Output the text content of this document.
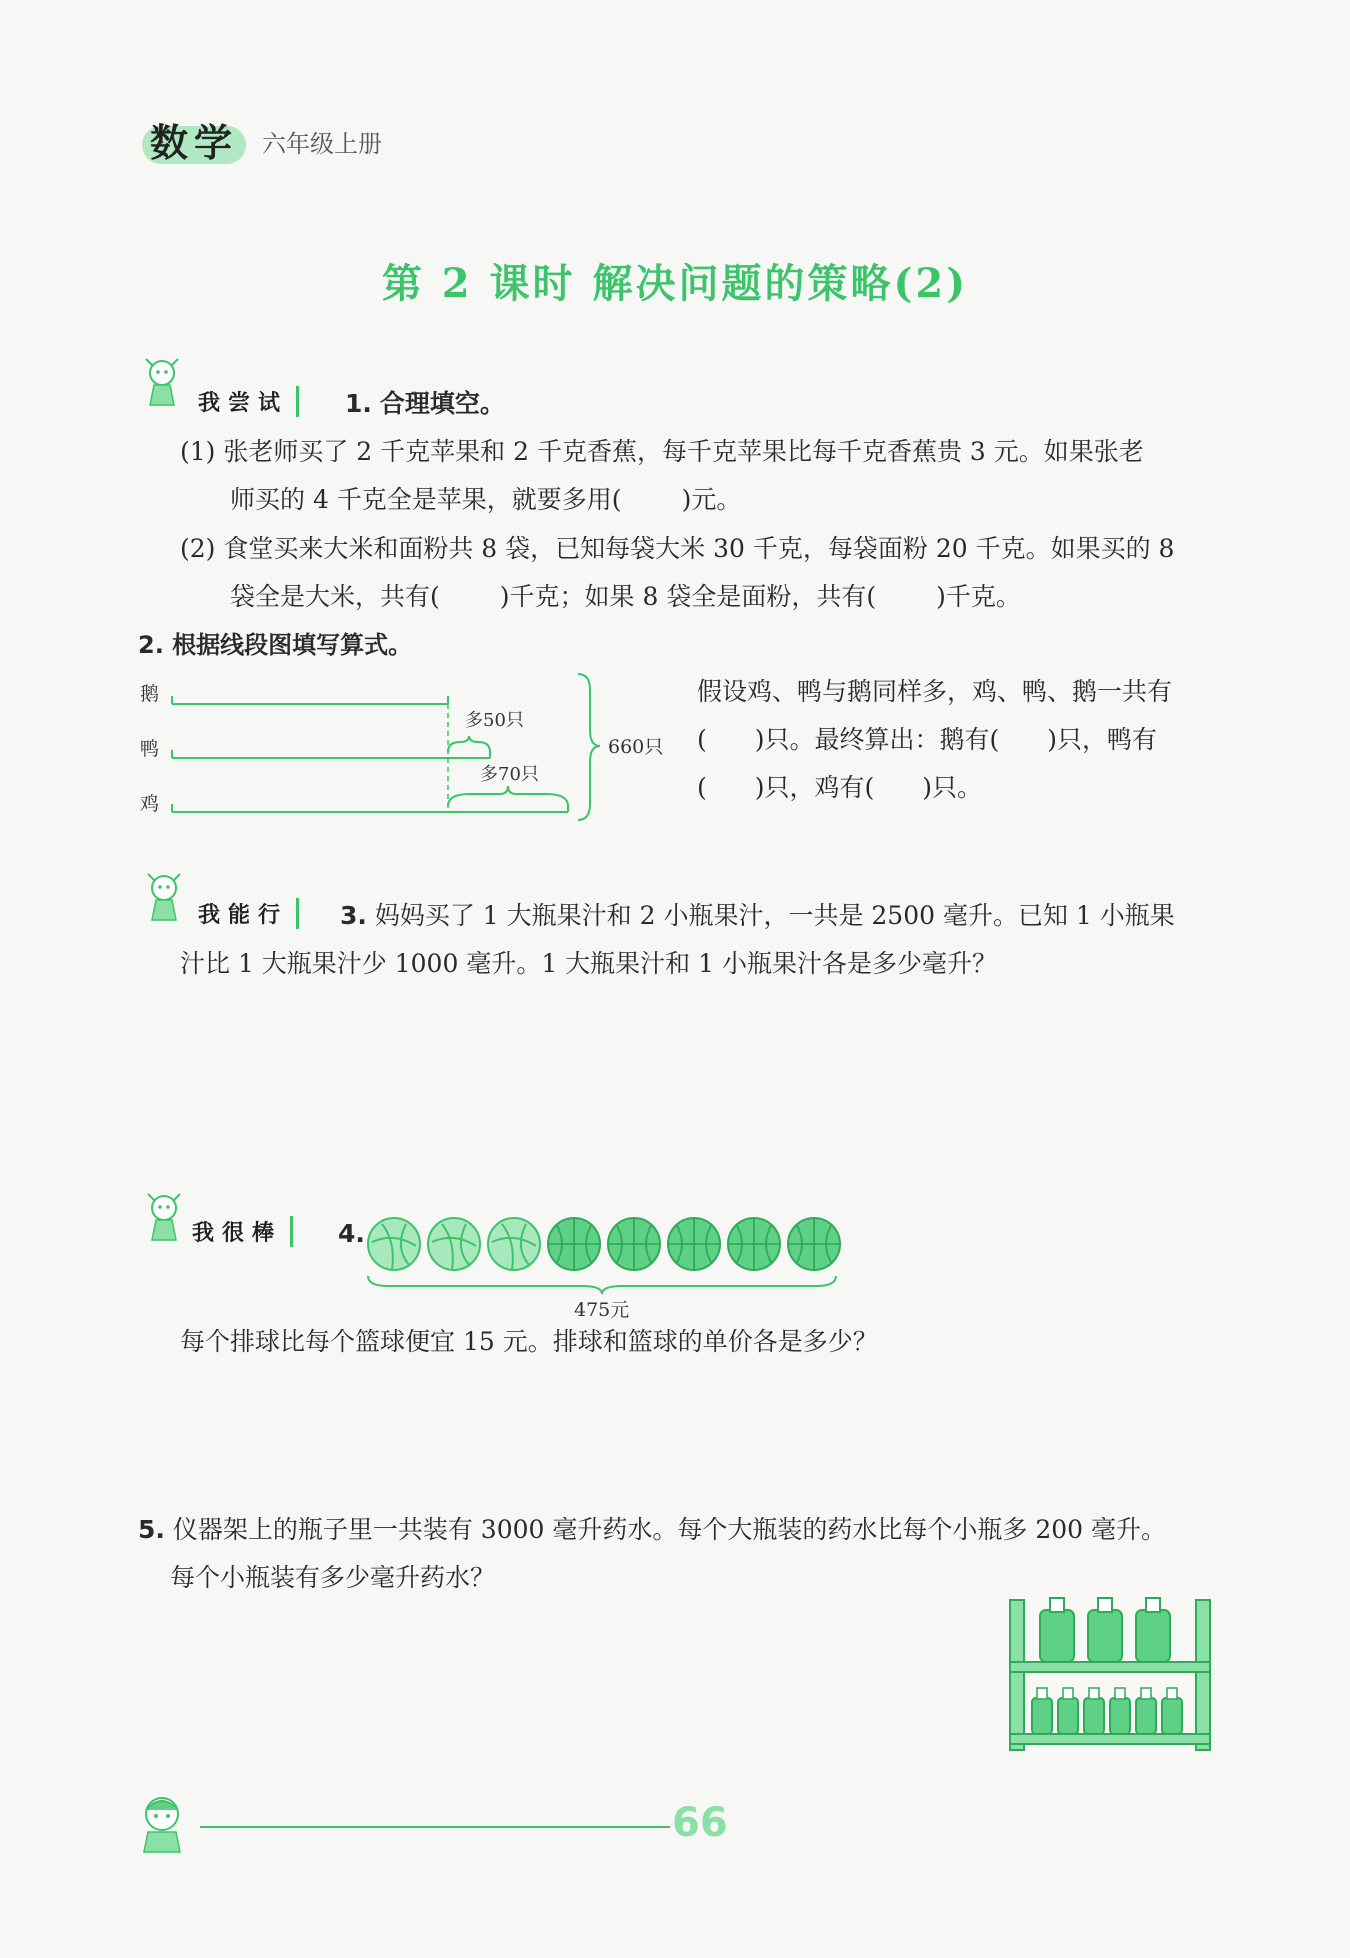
数学 六年级上册
第 2 课时 解决问题的策略(2)
我尝试	1. 合理填空。
(1) 张老师买了 2 千克苹果和 2 千克香蕉，每千克苹果比每千克香蕉贵 3 元。如果张老
师买的 4 千克全是苹果，就要多用( )元。
(2) 食堂买来大米和面粉共 8 袋，已知每袋大米 30 千克，每袋面粉 20 千克。如果买的 8
袋全是大米，共有( )千克；如果 8 袋全是面粉，共有( )千克。
2. 根据线段图填写算式。
鹅
鸭
鸡
多50只
多70只
660只
假设鸡、鸭与鹅同样多，鸡、鸭、鹅一共有
( )只。最终算出：鹅有( )只，鸭有
( )只，鸡有( )只。
我能行	3. 妈妈买了 1 大瓶果汁和 2 小瓶果汁，一共是 2500 毫升。已知 1 小瓶果
汁比 1 大瓶果汁少 1000 毫升。1 大瓶果汁和 1 小瓶果汁各是多少毫升？
我很棒	4.
475元
每个排球比每个篮球便宜 15 元。排球和篮球的单价各是多少？
5. 仪器架上的瓶子里一共装有 3000 毫升药水。每个大瓶装的药水比每个小瓶多 200 毫升。
每个小瓶装有多少毫升药水？
66
